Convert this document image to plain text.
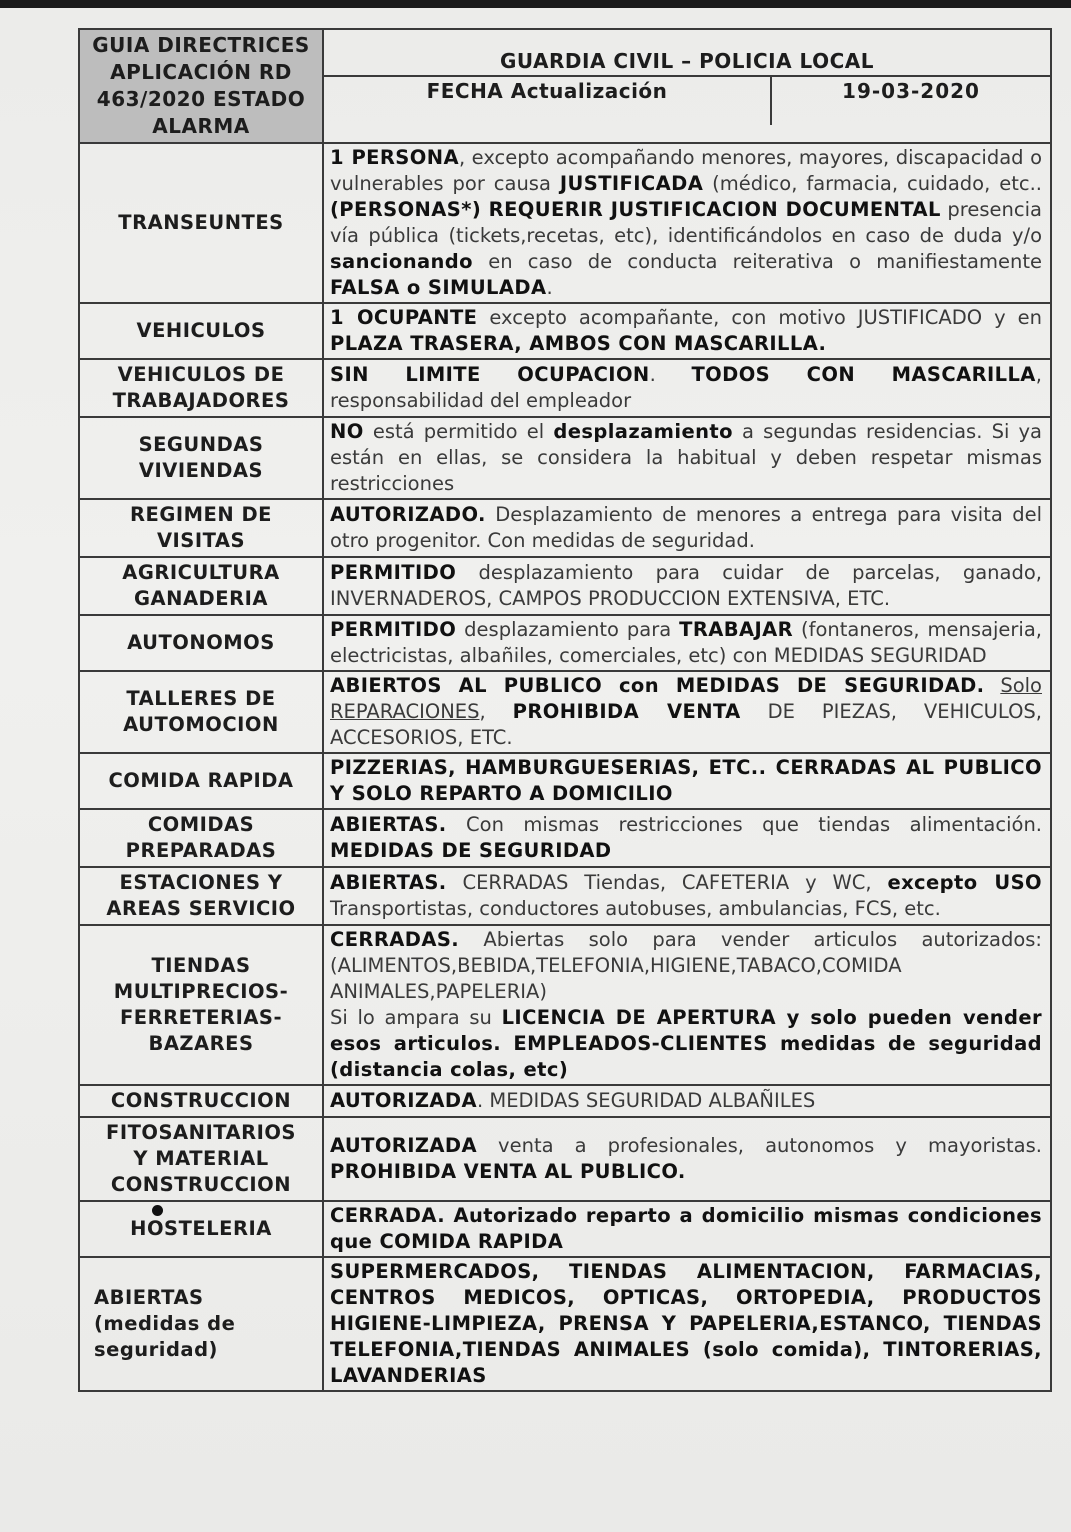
GUIA DIRECTRICES
APLICACIÓN RD
463/2020 ESTADO
ALARMA	
GUARDIA CIVIL – POLICIA LOCAL
FECHA Actualización	19-03-2020

TRANSEUNTES	1 PERSONA, excepto acompañando menores, mayores, discapacidad o vulnerables por causa JUSTIFICADA (médico, farmacia, cuidado, etc..(PERSONAS*) REQUERIR JUSTIFICACION DOCUMENTAL presencia vía pública (tickets,recetas, etc), identificándolos en caso de duda y/o sancionando en caso de conducta reiterativa o manifiestamente FALSA o SIMULADA.
VEHICULOS	1 OCUPANTE excepto acompañante, con motivo JUSTIFICADO y en PLAZA TRASERA, AMBOS CON MASCARILLA.
VEHICULOS DE
TRABAJADORES	SIN LIMITE OCUPACION. TODOS CON MASCARILLA, responsabilidad del empleador
SEGUNDAS
VIVIENDAS	NO está permitido el desplazamiento a segundas residencias. Si ya están en ellas, se considera la habitual y deben respetar mismas restricciones
REGIMEN DE
VISITAS	AUTORIZADO. Desplazamiento de menores a entrega para visita del otro progenitor. Con medidas de seguridad.
AGRICULTURA
GANADERIA	PERMITIDO desplazamiento para cuidar de parcelas, ganado, INVERNADEROS, CAMPOS PRODUCCION EXTENSIVA, ETC.
AUTONOMOS	PERMITIDO desplazamiento para TRABAJAR (fontaneros, mensajeria, electricistas, albañiles, comerciales, etc) con MEDIDAS SEGURIDAD
TALLERES DE
AUTOMOCION	ABIERTOS AL PUBLICO con MEDIDAS DE SEGURIDAD. Solo REPARACIONES, PROHIBIDA VENTA DE PIEZAS, VEHICULOS, ACCESORIOS, ETC.
COMIDA RAPIDA	PIZZERIAS, HAMBURGUESERIAS, ETC.. CERRADAS AL PUBLICO Y SOLO REPARTO A DOMICILIO
COMIDAS
PREPARADAS	ABIERTAS. Con mismas restricciones que tiendas alimentación. MEDIDAS DE SEGURIDAD
ESTACIONES Y
AREAS SERVICIO	ABIERTAS. CERRADAS Tiendas, CAFETERIA y WC, excepto USO Transportistas, conductores autobuses, ambulancias, FCS, etc.
TIENDAS
MULTIPRECIOS-
FERRETERIAS-
BAZARES	CERRADAS. Abiertas solo para vender articulos autorizados: (ALIMENTOS,BEBIDA,TELEFONIA,HIGIENE,TABACO,COMIDA ANIMALES,PAPELERIA)
Si lo ampara su LICENCIA DE APERTURA y solo pueden vender esos articulos. EMPLEADOS-CLIENTES medidas de seguridad (distancia colas, etc)
CONSTRUCCION	AUTORIZADA. MEDIDAS SEGURIDAD ALBAÑILES
FITOSANITARIOS
Y MATERIAL
CONSTRUCCION	AUTORIZADA venta a profesionales, autonomos y mayoristas. PROHIBIDA VENTA AL PUBLICO.
HOSTELERIA	CERRADA. Autorizado reparto a domicilio mismas condiciones que COMIDA RAPIDA
ABIERTAS
(medidas de
seguridad)	SUPERMERCADOS, TIENDAS ALIMENTACION, FARMACIAS, CENTROS MEDICOS, OPTICAS, ORTOPEDIA, PRODUCTOS HIGIENE-LIMPIEZA, PRENSA Y PAPELERIA,ESTANCO, TIENDAS TELEFONIA,TIENDAS ANIMALES (solo comida), TINTORERIAS, LAVANDERIAS
